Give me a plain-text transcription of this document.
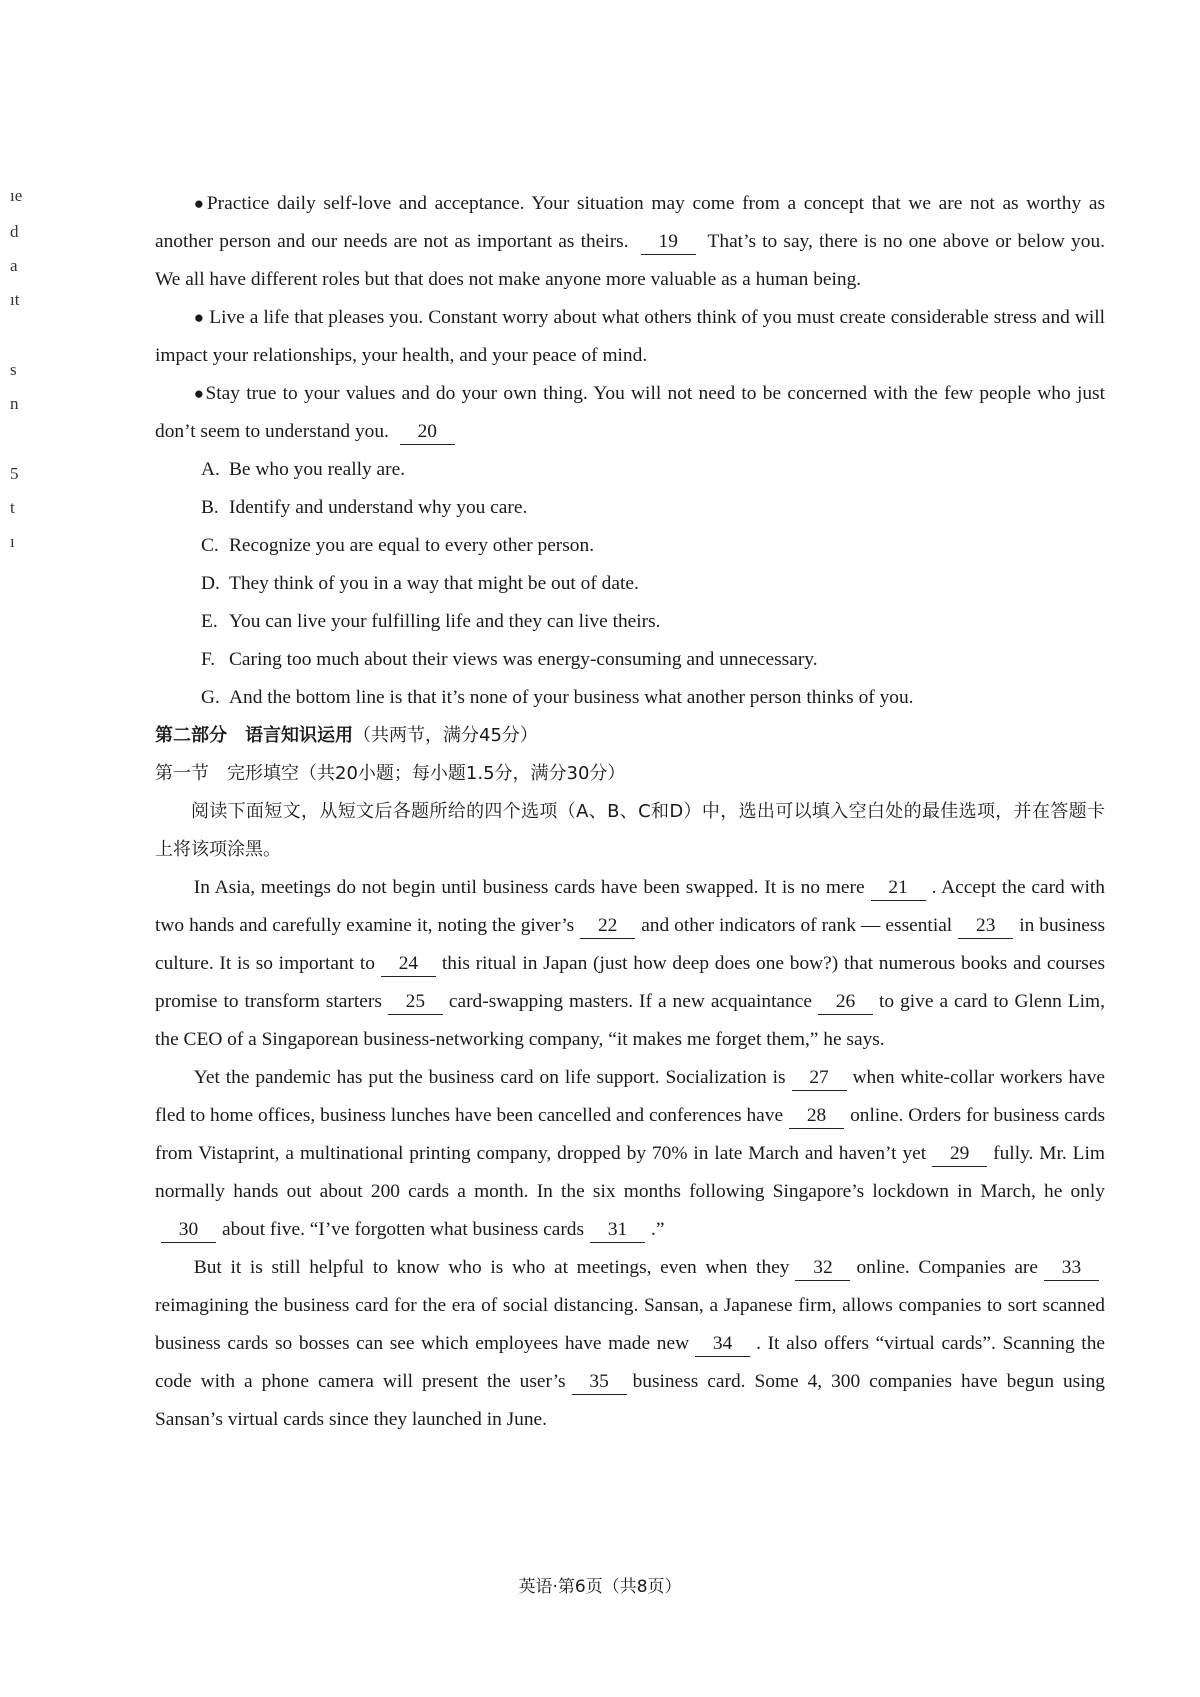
ıe
d
a
ıt
s
n
5
t
ı

●Practice daily self-love and acceptance. Your situation may come from a concept that we are not as worthy as another person and our needs are not as important as theirs. 19 That’s to say, there is no one above or below you. We all have different roles but that does not make anyone more valuable as a human being.

● Live a life that pleases you. Constant worry about what others think of you must create considerable stress and will impact your relationships, your health, and your peace of mind.

●Stay true to your values and do your own thing. You will not need to be concerned with the few people who just don’t seem to understand you. 20

A. Be who you really are.

B. Identify and understand why you care.

C. Recognize you are equal to every other person.

D. They think of you in a way that might be out of date.

E. You can live your fulfilling life and they can live theirs.

F. Caring too much about their views was energy-consuming and unnecessary.

G. And the bottom line is that it’s none of your business what another person thinks of you.

第二部分　语言知识运用（共两节，满分45分）

第一节　完形填空（共20小题；每小题1.5分，满分30分）

阅读下面短文，从短文后各题所给的四个选项（A、B、C和D）中，选出可以填入空白处的最佳选项，并在答题卡上将该项涂黑。

In Asia, meetings do not begin until business cards have been swapped. It is no mere 21 . Accept the card with two hands and carefully examine it, noting the giver’s 22 and other indicators of rank — essential 23 in business culture. It is so important to 24 this ritual in Japan (just how deep does one bow?) that numerous books and courses promise to transform starters 25 card-swapping masters. If a new acquaintance 26 to give a card to Glenn Lim, the CEO of a Singaporean business-networking company, “it makes me forget them,” he says.

Yet the pandemic has put the business card on life support. Socialization is 27 when white-collar workers have fled to home offices, business lunches have been cancelled and conferences have 28 online. Orders for business cards from Vistaprint, a multinational printing company, dropped by 70% in late March and haven’t yet 29 fully. Mr. Lim normally hands out about 200 cards a month. In the six months following Singapore’s lockdown in March, he only30 about five. “I’ve forgotten what business cards 31 .”

But it is still helpful to know who is who at meetings, even when they 32 online. Companies are 33reimagining the business card for the era of social distancing. Sansan, a Japanese firm, allows companies to sort scanned business cards so bosses can see which employees have made new 34 . It also offers “virtual cards”. Scanning the code with a phone camera will present the user’s 35 business card. Some 4, 300 companies have begun using Sansan’s virtual cards since they launched in June.

英语·第6页（共8页）
